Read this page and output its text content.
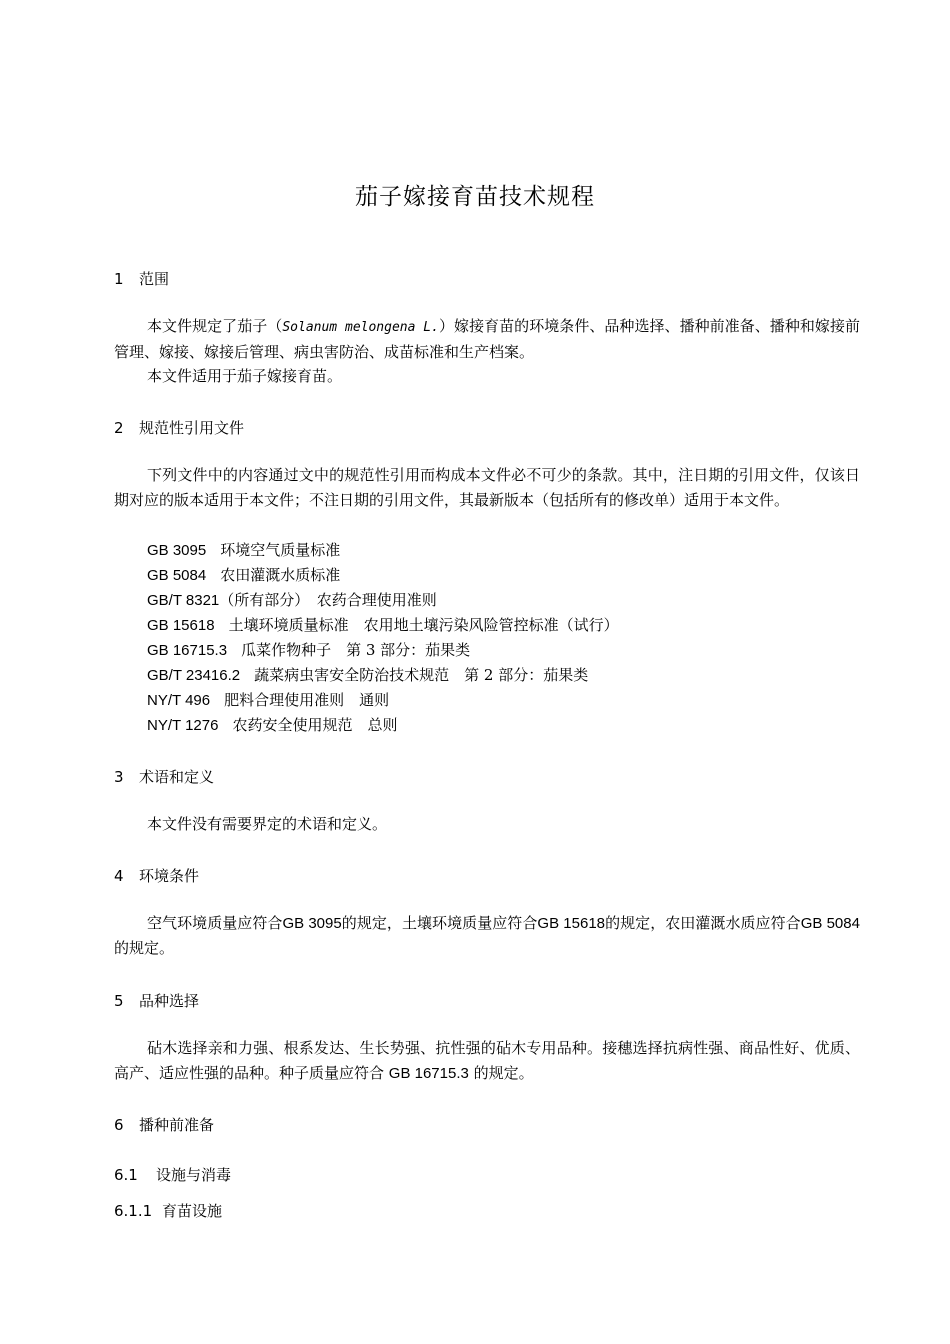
茄子嫁接育苗技术规程
1 范围
本文件规定了茄子（Solanum melongena L.）嫁接育苗的环境条件、品种选择、播种前准备、播种和嫁接前管理、嫁接、嫁接后管理、病虫害防治、成苗标准和生产档案。
本文件适用于茄子嫁接育苗。
2 规范性引用文件
下列文件中的内容通过文中的规范性引用而构成本文件必不可少的条款。其中，注日期的引用文件，仅该日期对应的版本适用于本文件；不注日期的引用文件，其最新版本（包括所有的修改单）适用于本文件。
GB 3095 环境空气质量标准
GB 5084 农田灌溉水质标准
GB/T 8321（所有部分）　农药合理使用准则
GB 15618 土壤环境质量标准　农用地土壤污染风险管控标准（试行）
GB 16715.3 瓜菜作物种子　第 3 部分：茄果类
GB/T 23416.2 蔬菜病虫害安全防治技术规范　第 2 部分：茄果类
NY/T 496 肥料合理使用准则　通则
NY/T 1276 农药安全使用规范　总则
3 术语和定义
本文件没有需要界定的术语和定义。
4 环境条件
空气环境质量应符合GB 3095的规定，土壤环境质量应符合GB 15618的规定，农田灌溉水质应符合GB 5084的规定。
5 品种选择
砧木选择亲和力强、根系发达、生长势强、抗性强的砧木专用品种。接穗选择抗病性强、商品性好、优质、高产、适应性强的品种。种子质量应符合 GB 16715.3 的规定。
6 播种前准备
6.1 设施与消毒
6.1.1 育苗设施
